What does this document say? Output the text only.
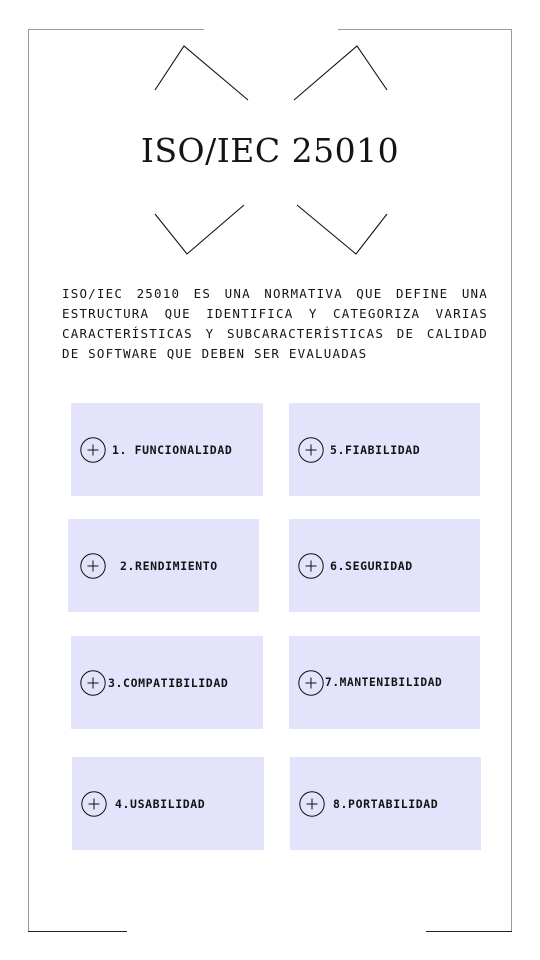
ISO/IEC 25010

ISO/IEC 25010 ES UNA NORMATIVA QUE DEFINE UNA ESTRUCTURA QUE IDENTIFICA Y CATEGORIZA VARIAS CARACTERÍSTICAS Y SUBCARACTERÍSTICAS DE CALIDAD DE SOFTWARE QUE DEBEN SER EVALUADAS

1. FUNCIONALIDAD	5.FIABILIDAD
2.RENDIMIENTO	6.SEGURIDAD
3.COMPATIBILIDAD	7.MANTENIBILIDAD
4.USABILIDAD	8.PORTABILIDAD
